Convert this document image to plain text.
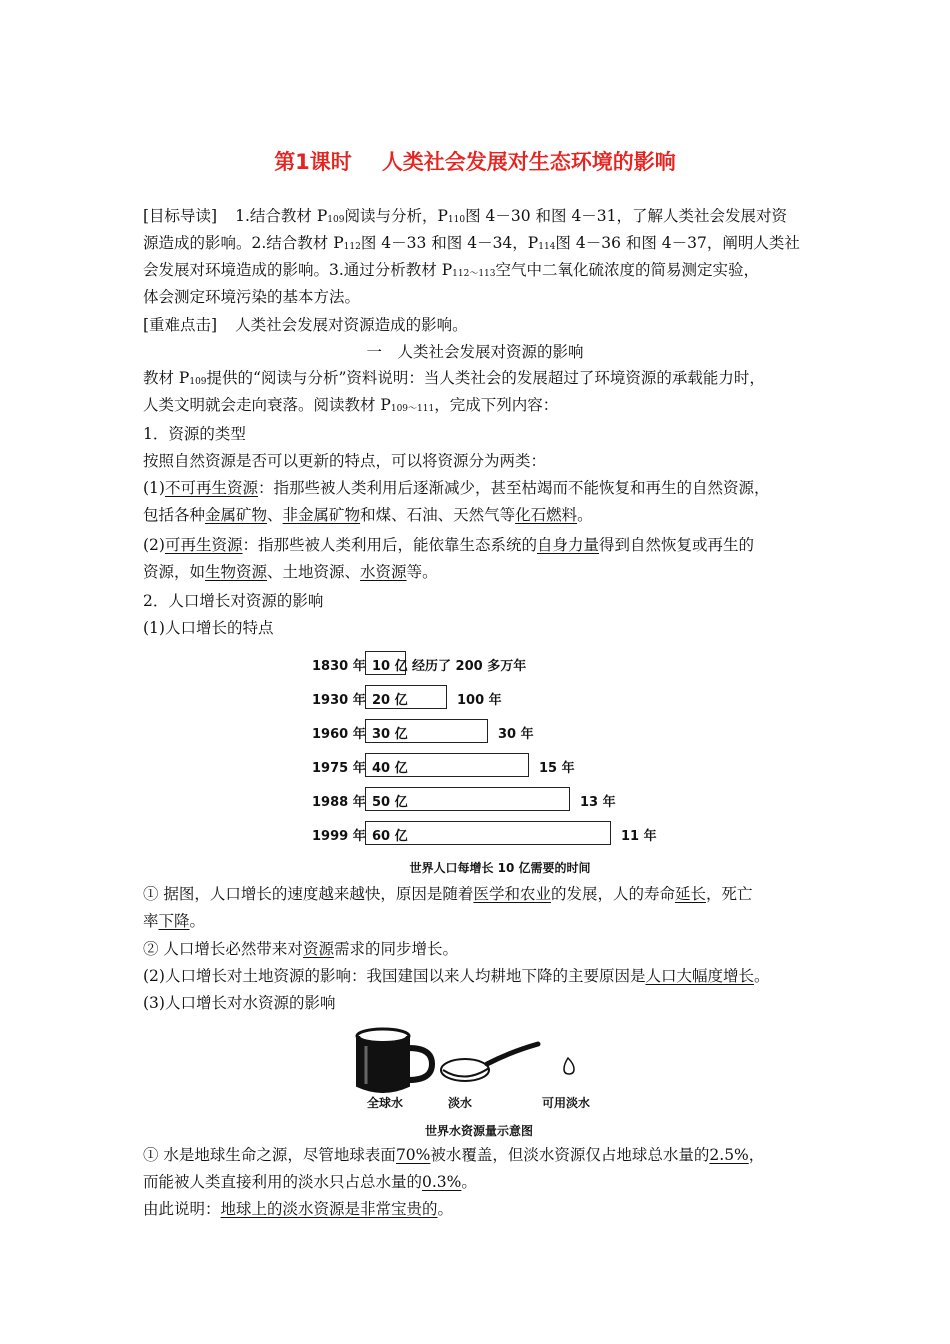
第1课时 人类社会发展对生态环境的影响
[目标导读] 1.结合教材 $P_{109}$阅读与分析，$P_{110}$图 4－30 和图 4－31，了解人类社会发展对资
源造成的影响。2.结合教材 $P_{112}$图 4－33 和图 4－34，$P_{114}$图 4－36 和图 4－37，阐明人类社
会发展对环境造成的影响。3.通过分析教材 $P_{112\sim 113}$空气中二氧化硫浓度的简易测定实验，
体会测定环境污染的基本方法。
[重难点击] 人类社会发展对资源造成的影响。
一　人类社会发展对资源的影响
教材 $P_{109}$提供的“阅读与分析”资料说明：当人类社会的发展超过了环境资源的承载能力时，
人类文明就会走向衰落。阅读教材 $P_{109\sim 111}$，完成下列内容：
1．资源的类型
按照自然资源是否可以更新的特点，可以将资源分为两类：
(1)不可再生资源：指那些被人类利用后逐渐减少，甚至枯竭而不能恢复和再生的自然资源，
包括各种金属矿物、非金属矿物和煤、石油、天然气等化石燃料。
(2)可再生资源：指那些被人类利用后，能依靠生态系统的自身力量得到自然恢复或再生的
资源，如生物资源、土地资源、水资源等。
2．人口增长对资源的影响
(1)人口增长的特点
世界人口每增长 10 亿需要的时间
1830 年 10 亿 经历了 200 多万年
1930 年 20 亿	100 年
1960 年 30 亿	30 年
1975 年 40 亿	15 年
1988 年 50 亿	13 年
1999 年 60 亿	11 年
① 据图，人口增长的速度越来越快，原因是随着医学和农业的发展，人的寿命延长，死亡
率下降。
② 人口增长必然带来对资源需求的同步增长。
(2)人口增长对土地资源的影响：我国建国以来人均耕地下降的主要原因是人口大幅度增长。
(3)人口增长对水资源的影响
全球水	淡水	可用淡水
世界水资源量示意图
① 水是地球生命之源，尽管地球表面70%被水覆盖，但淡水资源仅占地球总水量的2.5%，
而能被人类直接利用的淡水只占总水量的0.3%。
由此说明：地球上的淡水资源是非常宝贵的。
